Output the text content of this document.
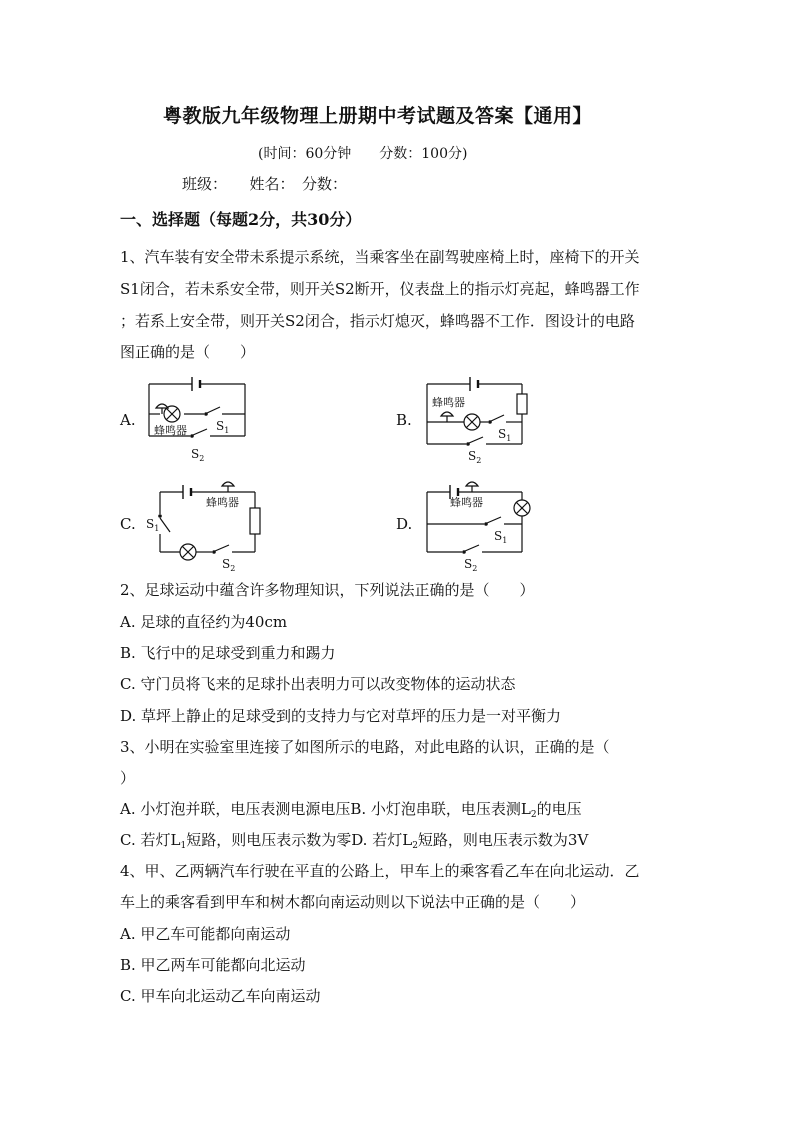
粤教版九年级物理上册期中考试题及答案【通用】
(时间：60分钟　　分数：100分)
班级：　　姓名：　分数：
一、选择题（每题2分，共30分）
1、汽车装有安全带未系提示系统，当乘客坐在副驾驶座椅上时，座椅下的开关
S1闭合，若未系安全带，则开关S2断开，仪表盘上的指示灯亮起，蜂鸣器工作
；若系上安全带，则开关S2闭合，指示灯熄灭，蜂鸣器不工作．图设计的电路
图正确的是（　　）
A.
蜂鸣器 $S_1$
$S_2$
B.
蜂鸣器
$S_1$
$S_2$
C.
蜂鸣器
$S_1$
$S_2$
D.
蜂鸣器
$S_1$
$S_2$
2、足球运动中蕴含许多物理知识，下列说法正确的是（　　）
A. 足球的直径约为40cm
B. 飞行中的足球受到重力和踢力
C. 守门员将飞来的足球扑出表明力可以改变物体的运动状态
D. 草坪上静止的足球受到的支持力与它对草坪的压力是一对平衡力
3、小明在实验室里连接了如图所示的电路，对此电路的认识，正确的是（
）
A. 小灯泡并联，电压表测电源电压B. 小灯泡串联，电压表测$L_2$的电压
C. 若灯$L_1$短路，则电压表示数为零D. 若灯$L_2$短路，则电压表示数为3V
4、甲、乙两辆汽车行驶在平直的公路上，甲车上的乘客看乙车在向北运动．乙
车上的乘客看到甲车和树木都向南运动则以下说法中正确的是（　　）
A. 甲乙车可能都向南运动
B. 甲乙两车可能都向北运动
C. 甲车向北运动乙车向南运动
